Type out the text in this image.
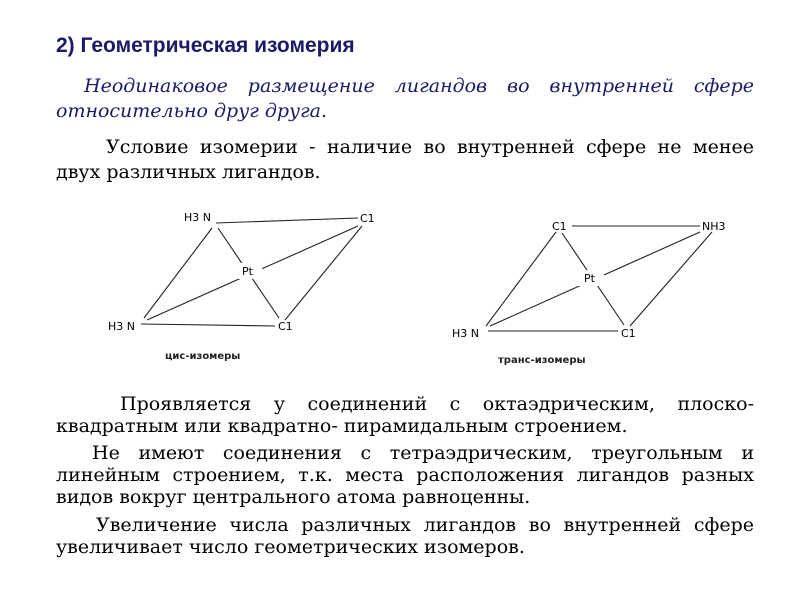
2) Геометрическая изомерия

Неодинаковое размещение лигандов во внутренней сфере относительно друг друга.

Условие изомерии - наличие во внутренней сфере не менее двух различных лигандов.

H3 N	C1
Pt
H3 N	C1
цис-изомеры
C1	NH3
Pt
H3 N	C1
транс-изомеры

Проявляется у соединений с октаэдрическим, плоско-квадратным или квадратно- пирамидальным строением.

Не имеют соединения с тетраэдрическим, треугольным и линейным строением, т.к. места расположения лигандов разных видов вокруг центрального атома равноценны.

Увеличение числа различных лигандов во внутренней сфере увеличивает число геометрических изомеров.
